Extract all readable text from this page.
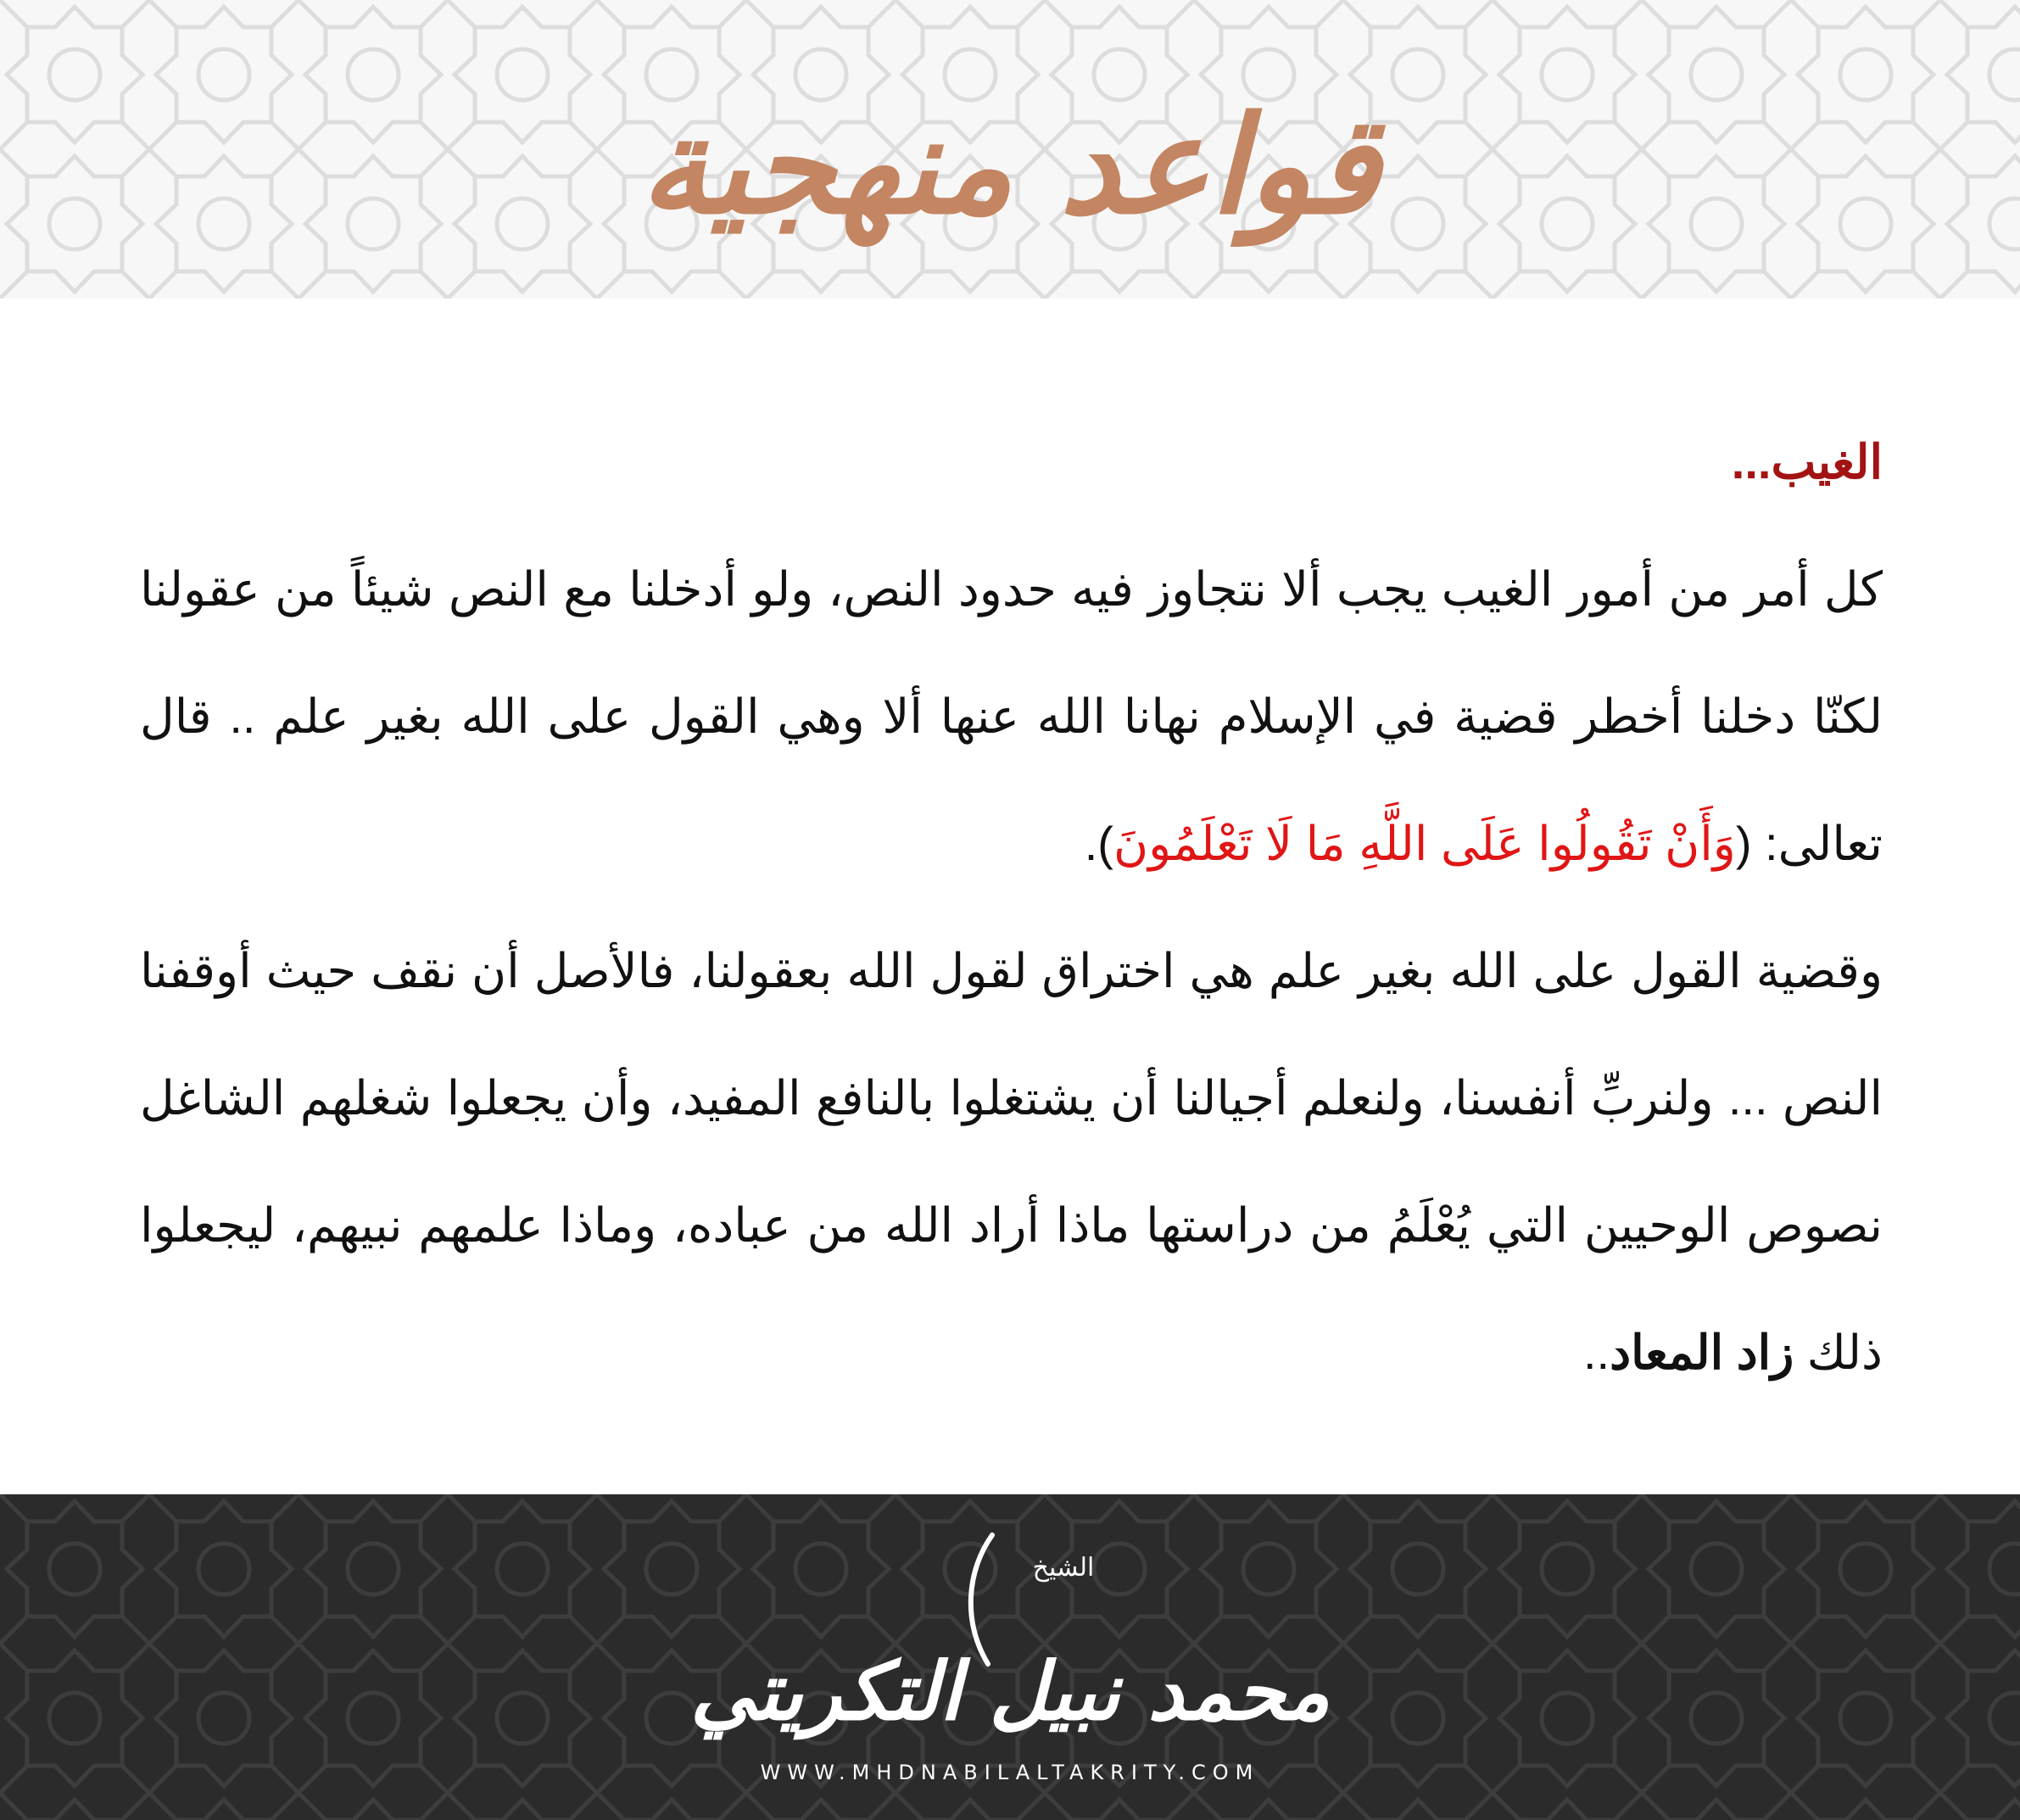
قواعد منهجية
الغيب...

كل أمر من أمور الغيب يجب ألا نتجاوز فيه حدود النص، ولو أدخلنا مع النص شيئاً من عقولنا لكنّا دخلنا أخطر قضية في الإسلام نهانا الله عنها ألا وهي القول على الله بغير علم .. قال تعالى: (وَأَنْ تَقُولُوا عَلَى اللَّهِ مَا لَا تَعْلَمُونَ).

وقضية القول على الله بغير علم هي اختراق لقول الله بعقولنا، فالأصل أن نقف حيث أوقفنا النص ... ولنربِّ أنفسنا، ولنعلم أجيالنا أن يشتغلوا بالنافع المفيد، وأن يجعلوا شغلهم الشاغل نصوص الوحيين التي يُعْلَمُ من دراستها ماذا أراد الله من عباده، وماذا علمهم نبيهم، ليجعلوا ذلك زاد المعاد..

الشيخ
محمد نبيل التكريتي
WWW.MHDNABILALTAKRITY.COM
